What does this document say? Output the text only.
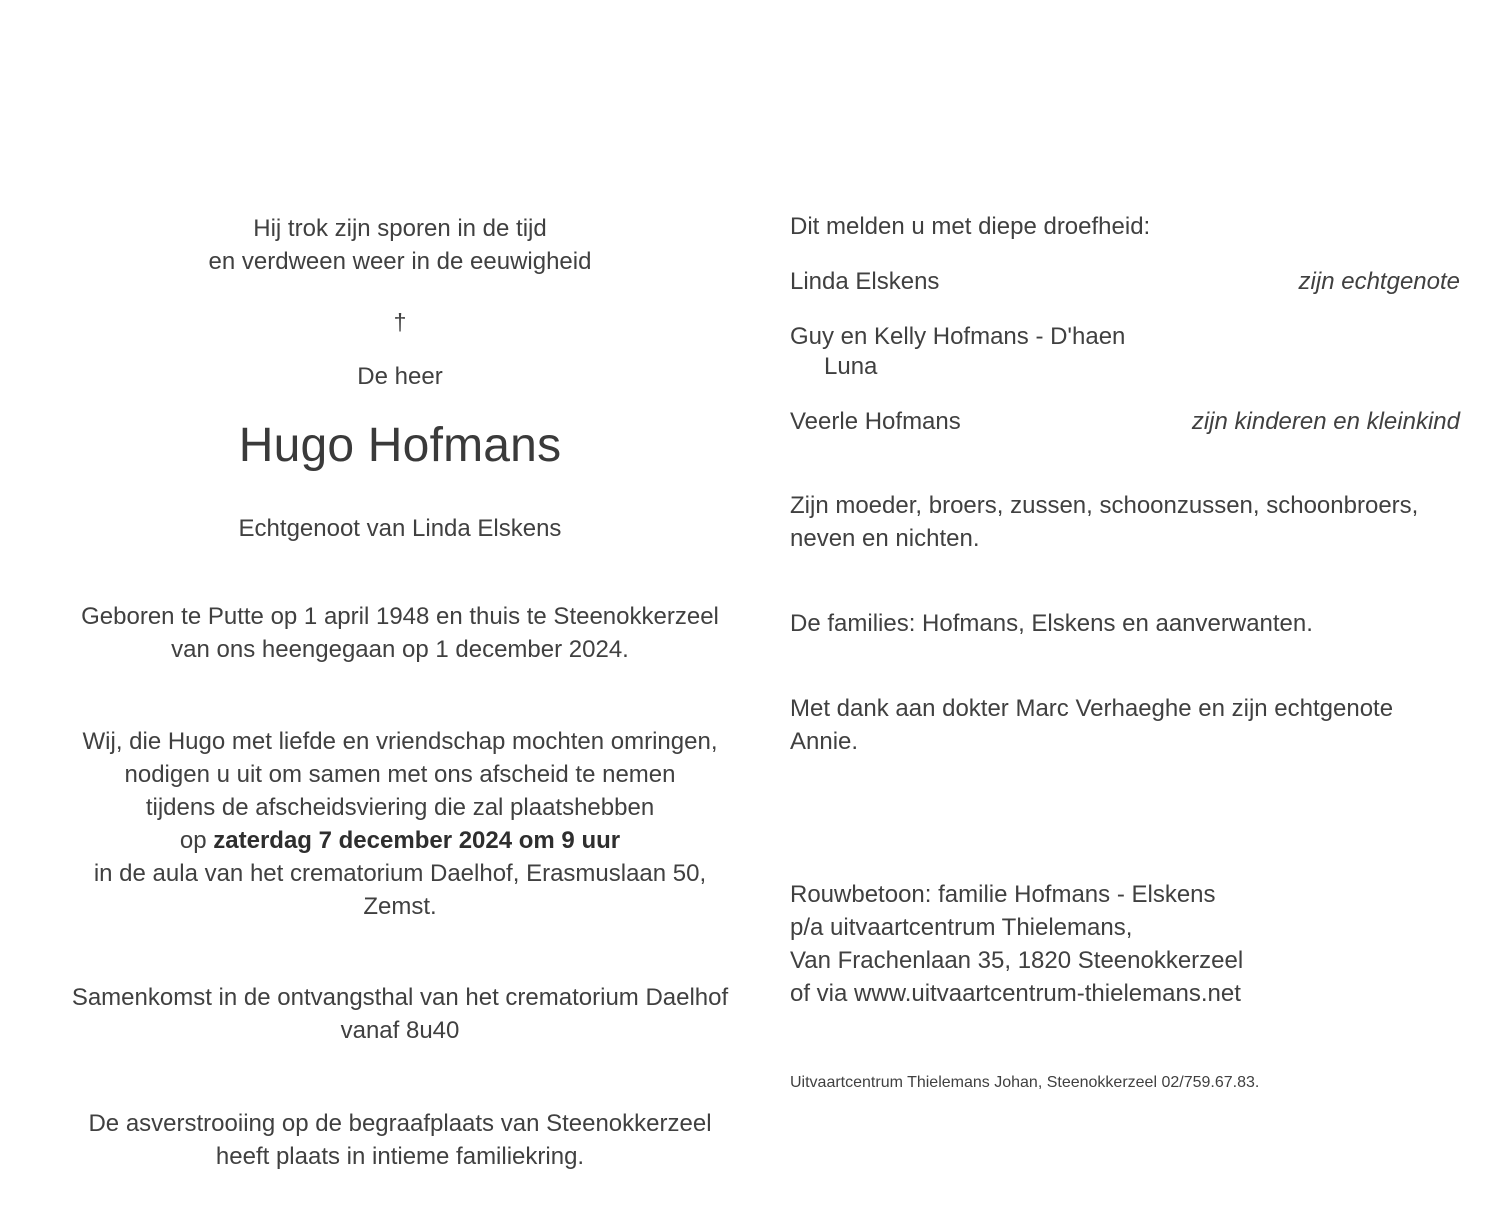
Hij trok zijn sporen in de tijd
en verdween weer in de eeuwigheid
†
De heer
Hugo Hofmans
Echtgenoot van Linda Elskens
Geboren te Putte op 1 april 1948 en thuis te Steenokkerzeel
van ons heengegaan op 1 december 2024.
Wij, die Hugo met liefde en vriendschap mochten omringen,
nodigen u uit om samen met ons afscheid te nemen
tijdens de afscheidsviering die zal plaatshebben
op zaterdag 7 december 2024 om 9 uur
in de aula van het crematorium Daelhof, Erasmuslaan 50, Zemst.
Samenkomst in de ontvangsthal van het crematorium Daelhof
vanaf 8u40
De asverstrooiing op de begraafplaats van Steenokkerzeel
heeft plaats in intieme familiekring.
Dit melden u met diepe droefheid:
Linda Elskens	zijn echtgenote
Guy en Kelly Hofmans - D'haen
Luna
Veerle Hofmans	zijn kinderen en kleinkind
Zijn moeder, broers, zussen, schoonzussen, schoonbroers,
neven en nichten.
De families: Hofmans, Elskens en aanverwanten.
Met dank aan dokter Marc Verhaeghe en zijn echtgenote Annie.
Rouwbetoon: familie Hofmans - Elskens
p/a uitvaartcentrum Thielemans,
Van Frachenlaan 35, 1820 Steenokkerzeel
of via www.uitvaartcentrum-thielemans.net
Uitvaartcentrum Thielemans Johan, Steenokkerzeel 02/759.67.83.
